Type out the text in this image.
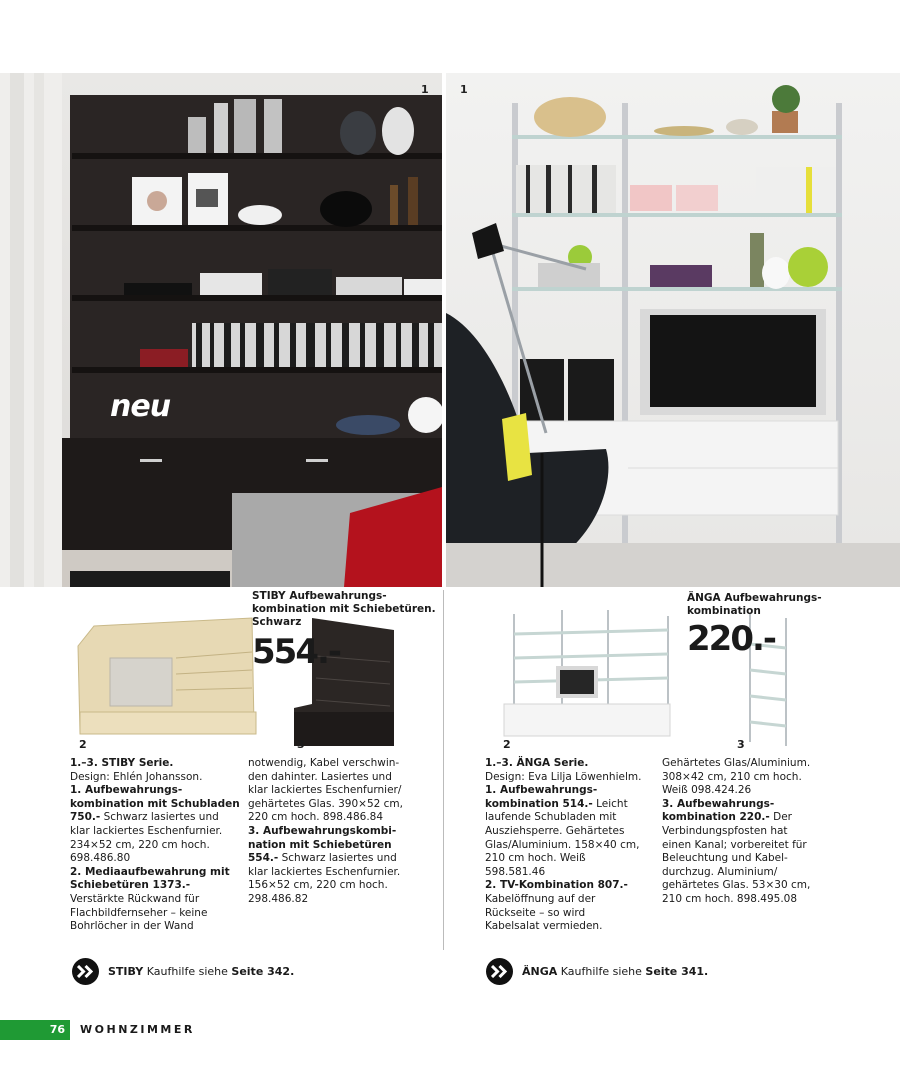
neu
1	1
STIBY Aufbewahrungs-
kombination mit Schiebetüren.
Schwarz
554.-
2	3
ÄNGA Aufbewahrungs-
kombination
220.-
2	3

1.–3. STIBY Serie.

Design: Ehlén Johansson.

1. Aufbewahrungs-

kombination mit Schubladen

750.- Schwarz lasiertes und

klar lackiertes Eschenfurnier.

234×52 cm, 220 cm hoch.

698.486.80

2. Mediaaufbewahrung mit

Schiebetüren 1373.-

Verstärkte Rückwand für

Flachbildfernseher – keine

Bohrlöcher in der Wand

notwendig, Kabel verschwin-

den dahinter. Lasiertes und

klar lackiertes Eschenfurnier/

gehärtetes Glas. 390×52 cm,

220 cm hoch. 898.486.84

3. Aufbewahrungskombi-

nation mit Schiebetüren

554.- Schwarz lasiertes und

klar lackiertes Eschenfurnier.

156×52 cm, 220 cm hoch.

298.486.82

1.–3. ÄNGA Serie.

Design: Eva Lilja Löwenhielm.

1. Aufbewahrungs-

kombination 514.- Leicht

laufende Schubladen mit

Ausziehsperre. Gehärtetes

Glas/Aluminium. 158×40 cm,

210 cm hoch. Weiß

598.581.46

2. TV-Kombination 807.-

Kabelöffnung auf der

Rückseite – so wird

Kabelsalat vermieden.

Gehärtetes Glas/Aluminium.

308×42 cm, 210 cm hoch.

Weiß 098.424.26

3. Aufbewahrungs-

kombination 220.- Der

Verbindungspfosten hat

einen Kanal; vorbereitet für

Beleuchtung und Kabel-

durchzug. Aluminium/

gehärtetes Glas. 53×30 cm,

210 cm hoch. 898.495.08

STIBY Kaufhilfe siehe Seite 342.	ÄNGA Kaufhilfe siehe Seite 341.
76	WOHNZIMMER
